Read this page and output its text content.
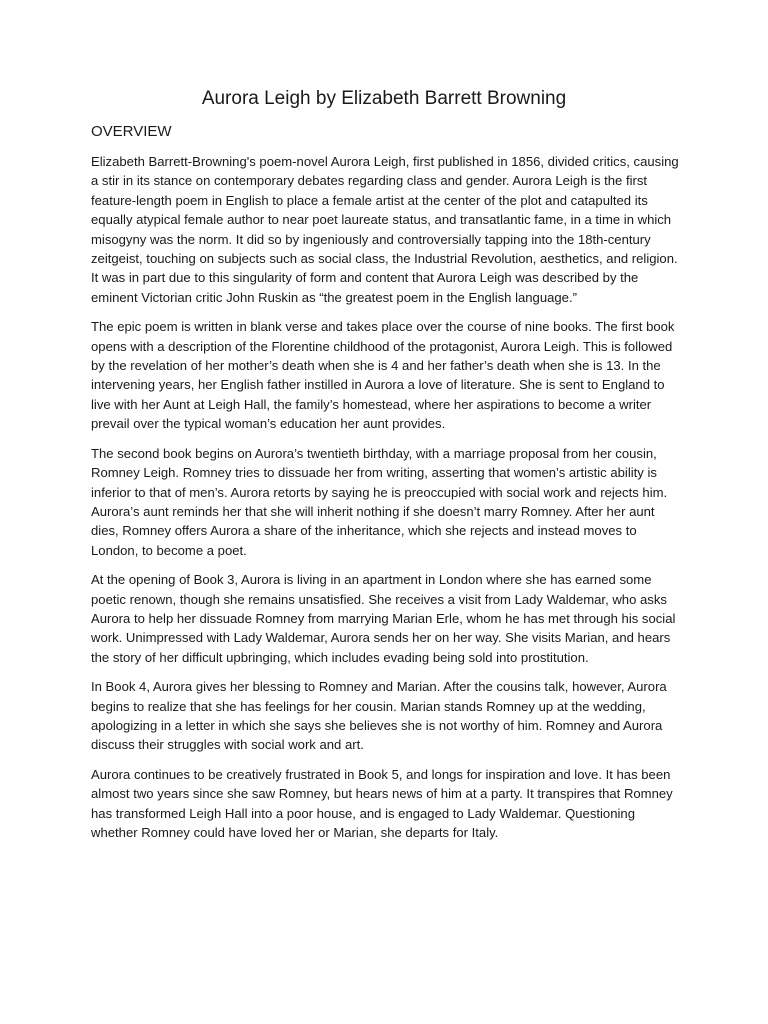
Aurora Leigh by Elizabeth Barrett Browning
OVERVIEW

Elizabeth Barrett-Browning's poem-novel Aurora Leigh, first published in 1856, divided critics, causing a stir in its stance on contemporary debates regarding class and gender. Aurora Leigh is the first feature-length poem in English to place a female artist at the center of the plot and catapulted its equally atypical female author to near poet laureate status, and transatlantic fame, in a time in which misogyny was the norm. It did so by ingeniously and controversially tapping into the 18th-century zeitgeist, touching on subjects such as social class, the Industrial Revolution, aesthetics, and religion. It was in part due to this singularity of form and content that Aurora Leigh was described by the eminent Victorian critic John Ruskin as “the greatest poem in the English language.”

The epic poem is written in blank verse and takes place over the course of nine books. The first book opens with a description of the Florentine childhood of the protagonist, Aurora Leigh. This is followed by the revelation of her mother’s death when she is 4 and her father’s death when she is 13. In the intervening years, her English father instilled in Aurora a love of literature. She is sent to England to live with her Aunt at Leigh Hall, the family’s homestead, where her aspirations to become a writer prevail over the typical woman’s education her aunt provides.

The second book begins on Aurora’s twentieth birthday, with a marriage proposal from her cousin, Romney Leigh. Romney tries to dissuade her from writing, asserting that women’s artistic ability is inferior to that of men’s. Aurora retorts by saying he is preoccupied with social work and rejects him. Aurora’s aunt reminds her that she will inherit nothing if she doesn’t marry Romney. After her aunt dies, Romney offers Aurora a share of the inheritance, which she rejects and instead moves to London, to become a poet.

At the opening of Book 3, Aurora is living in an apartment in London where she has earned some poetic renown, though she remains unsatisfied. She receives a visit from Lady Waldemar, who asks Aurora to help her dissuade Romney from marrying Marian Erle, whom he has met through his social work. Unimpressed with Lady Waldemar, Aurora sends her on her way. She visits Marian, and hears the story of her difficult upbringing, which includes evading being sold into prostitution.

In Book 4, Aurora gives her blessing to Romney and Marian. After the cousins talk, however, Aurora begins to realize that she has feelings for her cousin. Marian stands Romney up at the wedding, apologizing in a letter in which she says she believes she is not worthy of him. Romney and Aurora discuss their struggles with social work and art.

Aurora continues to be creatively frustrated in Book 5, and longs for inspiration and love. It has been almost two years since she saw Romney, but hears news of him at a party. It transpires that Romney has transformed Leigh Hall into a poor house, and is engaged to Lady Waldemar. Questioning whether Romney could have loved her or Marian, she departs for Italy.
